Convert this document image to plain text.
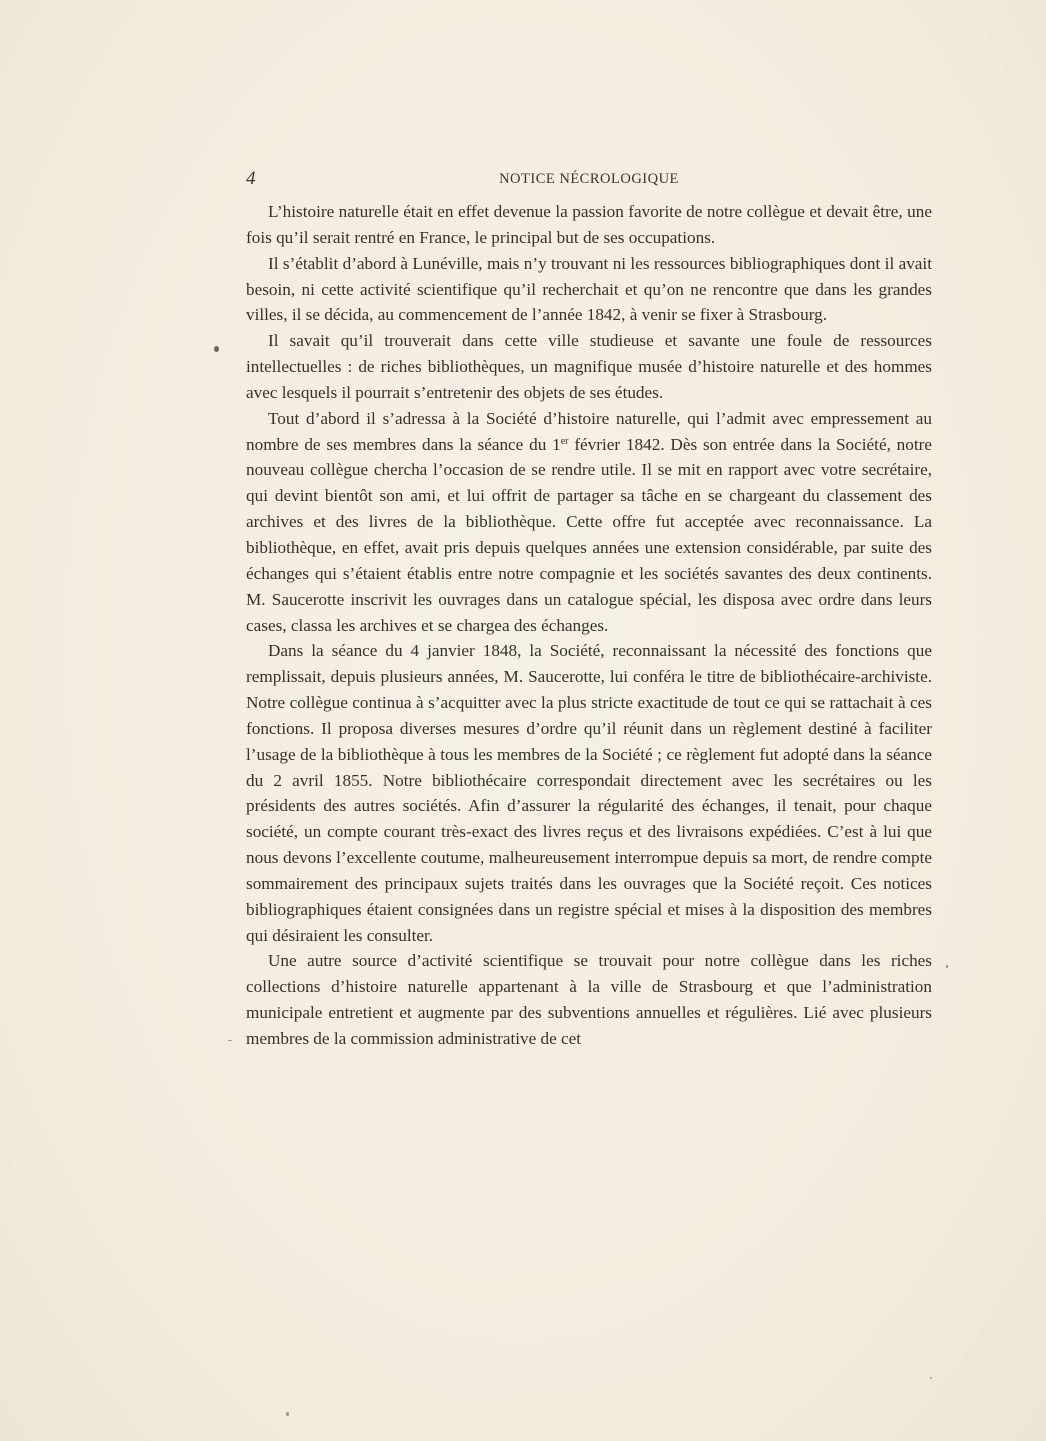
4	NOTICE NÉCROLOGIQUE

L’histoire naturelle était en effet devenue la passion favorite de notre collègue et devait être, une fois qu’il serait rentré en France, le principal but de ses occupations.

Il s’établit d’abord à Lunéville, mais n’y trouvant ni les ressources bibliographiques dont il avait besoin, ni cette activité scientifique qu’il recherchait et qu’on ne rencontre que dans les grandes villes, il se décida, au commencement de l’année 1842, à venir se fixer à Strasbourg.

Il savait qu’il trouverait dans cette ville studieuse et savante une foule de ressources intellectuelles : de riches bibliothèques, un magnifique musée d’histoire naturelle et des hommes avec lesquels il pourrait s’entretenir des objets de ses études.

Tout d’abord il s’adressa à la Société d’histoire naturelle, qui l’admit avec empressement au nombre de ses membres dans la séance du 1er février 1842. Dès son entrée dans la Société, notre nouveau collègue chercha l’occasion de se rendre utile. Il se mit en rapport avec votre secrétaire, qui devint bientôt son ami, et lui offrit de partager sa tâche en se chargeant du classement des archives et des livres de la bibliothèque. Cette offre fut acceptée avec reconnaissance. La bibliothèque, en effet, avait pris depuis quelques années une extension considérable, par suite des échanges qui s’étaient établis entre notre compagnie et les sociétés savantes des deux continents. M. Saucerotte inscrivit les ouvrages dans un catalogue spécial, les disposa avec ordre dans leurs cases, classa les archives et se chargea des échanges.

Dans la séance du 4 janvier 1848, la Société, reconnaissant la nécessité des fonctions que remplissait, depuis plusieurs années, M. Saucerotte, lui conféra le titre de bibliothécaire-archiviste. Notre collègue continua à s’acquitter avec la plus stricte exactitude de tout ce qui se rattachait à ces fonctions. Il proposa diverses mesures d’ordre qu’il réunit dans un règlement destiné à faciliter l’usage de la bibliothèque à tous les membres de la Société ; ce règlement fut adopté dans la séance du 2 avril 1855. Notre bibliothécaire correspondait directement avec les secrétaires ou les présidents des autres sociétés. Afin d’assurer la régularité des échanges, il tenait, pour chaque société, un compte courant très-exact des livres reçus et des livraisons expédiées. C’est à lui que nous devons l’excellente coutume, malheureusement interrompue depuis sa mort, de rendre compte sommairement des principaux sujets traités dans les ouvrages que la Société reçoit. Ces notices bibliographiques étaient consignées dans un registre spécial et mises à la disposition des membres qui désiraient les consulter.

Une autre source d’activité scientifique se trouvait pour notre collègue dans les riches collections d’histoire naturelle appartenant à la ville de Strasbourg et que l’administration municipale entretient et augmente par des subventions annuelles et régulières. Lié avec plusieurs membres de la commission administrative de cet
